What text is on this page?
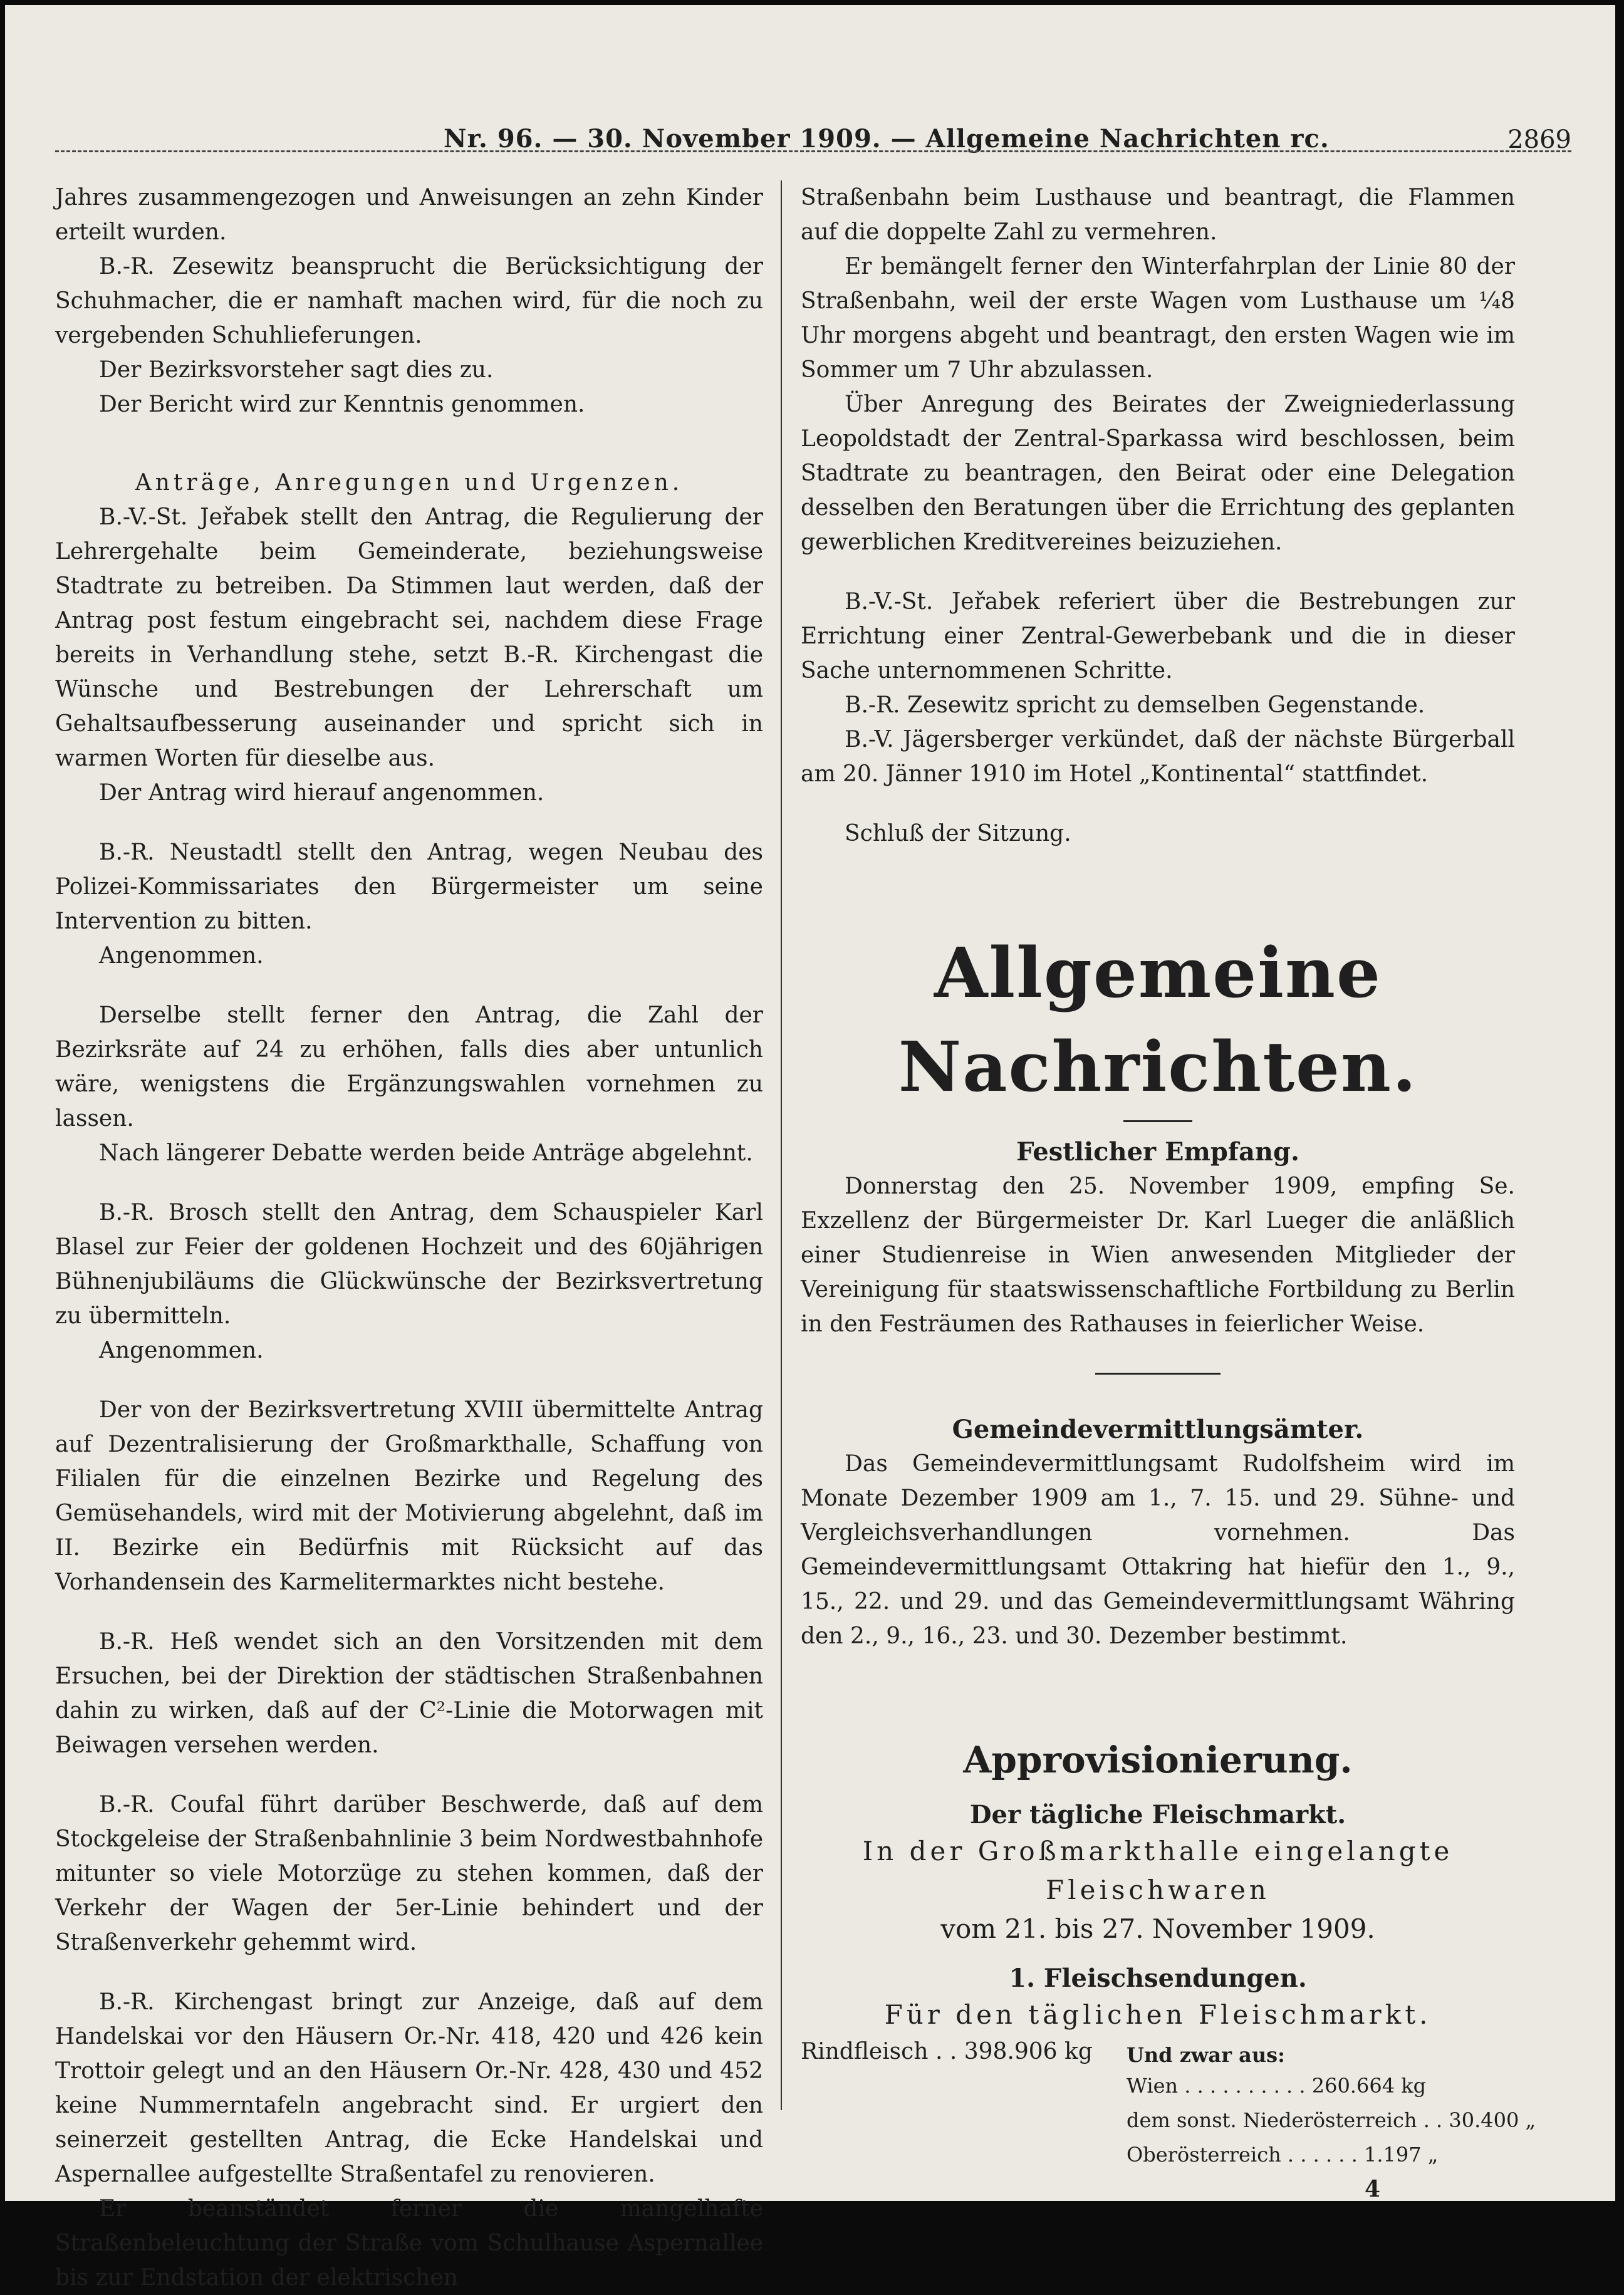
Nr. 96. — 30. November 1909. — Allgemeine Nachrichten rc.	2869

Jahres zusammengezogen und Anweisungen an zehn Kinder erteilt wurden.

B.-R. Zesewitz beansprucht die Berücksichtigung der Schuhmacher, die er namhaft machen wird, für die noch zu vergebenden Schuhlieferungen.

Der Bezirksvorsteher sagt dies zu.

Der Bericht wird zur Kenntnis genommen.

Anträge, Anregungen und Urgenzen.

B.-V.-St. Jeřabek stellt den Antrag, die Regulierung der Lehrergehalte beim Gemeinderate, beziehungsweise Stadtrate zu betreiben. Da Stimmen laut werden, daß der Antrag post festum eingebracht sei, nachdem diese Frage bereits in Verhandlung stehe, setzt B.-R. Kirchengast die Wünsche und Bestrebungen der Lehrerschaft um Gehaltsaufbesserung auseinander und spricht sich in warmen Worten für dieselbe aus.

Der Antrag wird hierauf angenommen.

B.-R. Neustadtl stellt den Antrag, wegen Neubau des Polizei-Kommissariates den Bürgermeister um seine Intervention zu bitten.

Angenommen.

Derselbe stellt ferner den Antrag, die Zahl der Bezirksräte auf 24 zu erhöhen, falls dies aber untunlich wäre, wenigstens die Ergänzungswahlen vornehmen zu lassen.

Nach längerer Debatte werden beide Anträge abgelehnt.

B.-R. Brosch stellt den Antrag, dem Schauspieler Karl Blasel zur Feier der goldenen Hochzeit und des 60jährigen Bühnenjubiläums die Glückwünsche der Bezirksvertretung zu übermitteln.

Angenommen.

Der von der Bezirksvertretung XVIII übermittelte Antrag auf Dezentralisierung der Großmarkthalle, Schaffung von Filialen für die einzelnen Bezirke und Regelung des Gemüsehandels, wird mit der Motivierung abgelehnt, daß im II. Bezirke ein Bedürfnis mit Rücksicht auf das Vorhandensein des Karmelitermarktes nicht bestehe.

B.-R. Heß wendet sich an den Vorsitzenden mit dem Ersuchen, bei der Direktion der städtischen Straßenbahnen dahin zu wirken, daß auf der C²-Linie die Motorwagen mit Beiwagen versehen werden.

B.-R. Coufal führt darüber Beschwerde, daß auf dem Stockgeleise der Straßenbahnlinie 3 beim Nordwestbahnhofe mitunter so viele Motorzüge zu stehen kommen, daß der Verkehr der Wagen der 5er-Linie behindert und der Straßenverkehr gehemmt wird.

B.-R. Kirchengast bringt zur Anzeige, daß auf dem Handelskai vor den Häusern Or.-Nr. 418, 420 und 426 kein Trottoir gelegt und an den Häusern Or.-Nr. 428, 430 und 452 keine Nummerntafeln angebracht sind. Er urgiert den seinerzeit gestellten Antrag, die Ecke Handelskai und Aspernallee aufgestellte Straßentafel zu renovieren.

Er beanständet ferner die mangelhafte Straßenbeleuchtung der Straße vom Schulhause Aspernallee bis zur Endstation der elektrischen

Straßenbahn beim Lusthause und beantragt, die Flammen auf die doppelte Zahl zu vermehren.

Er bemängelt ferner den Winterfahrplan der Linie 80 der Straßenbahn, weil der erste Wagen vom Lusthause um ¼8 Uhr morgens abgeht und beantragt, den ersten Wagen wie im Sommer um 7 Uhr abzulassen.

Über Anregung des Beirates der Zweigniederlassung Leopoldstadt der Zentral-Sparkassa wird beschlossen, beim Stadtrate zu beantragen, den Beirat oder eine Delegation desselben den Beratungen über die Errichtung des geplanten gewerblichen Kreditvereines beizuziehen.

B.-V.-St. Jeřabek referiert über die Bestrebungen zur Errichtung einer Zentral-Gewerbebank und die in dieser Sache unternommenen Schritte.

B.-R. Zesewitz spricht zu demselben Gegenstande.

B.-V. Jägersberger verkündet, daß der nächste Bürgerball am 20. Jänner 1910 im Hotel „Kontinental“ stattfindet.

Schluß der Sitzung.

Allgemeine Nachrichten.

Festlicher Empfang.

Donnerstag den 25. November 1909, empfing Se. Exzellenz der Bürgermeister Dr. Karl Lueger die anläßlich einer Studienreise in Wien anwesenden Mitglieder der Vereinigung für staatswissenschaftliche Fortbildung zu Berlin in den Festräumen des Rathauses in feierlicher Weise.

Gemeindevermittlungsämter.

Das Gemeindevermittlungsamt Rudolfsheim wird im Monate Dezember 1909 am 1., 7. 15. und 29. Sühne- und Vergleichsverhandlungen vornehmen. Das Gemeindevermittlungsamt Ottakring hat hiefür den 1., 9., 15., 22. und 29. und das Gemeindevermittlungsamt Währing den 2., 9., 16., 23. und 30. Dezember bestimmt.

Approvisionierung.

Der tägliche Fleischmarkt.

In der Großmarkthalle eingelangte Fleischwaren

vom 21. bis 27. November 1909.

1. Fleischsendungen.

Für den täglichen Fleischmarkt.

Rindfleisch . . 398.906 kg Und zwar aus:
Wien . . . . . . . . . . 260.664 kg
dem sonst. Niederösterreich . . 30.400 „
Oberösterreich . . . . . . 1.197 „
4
